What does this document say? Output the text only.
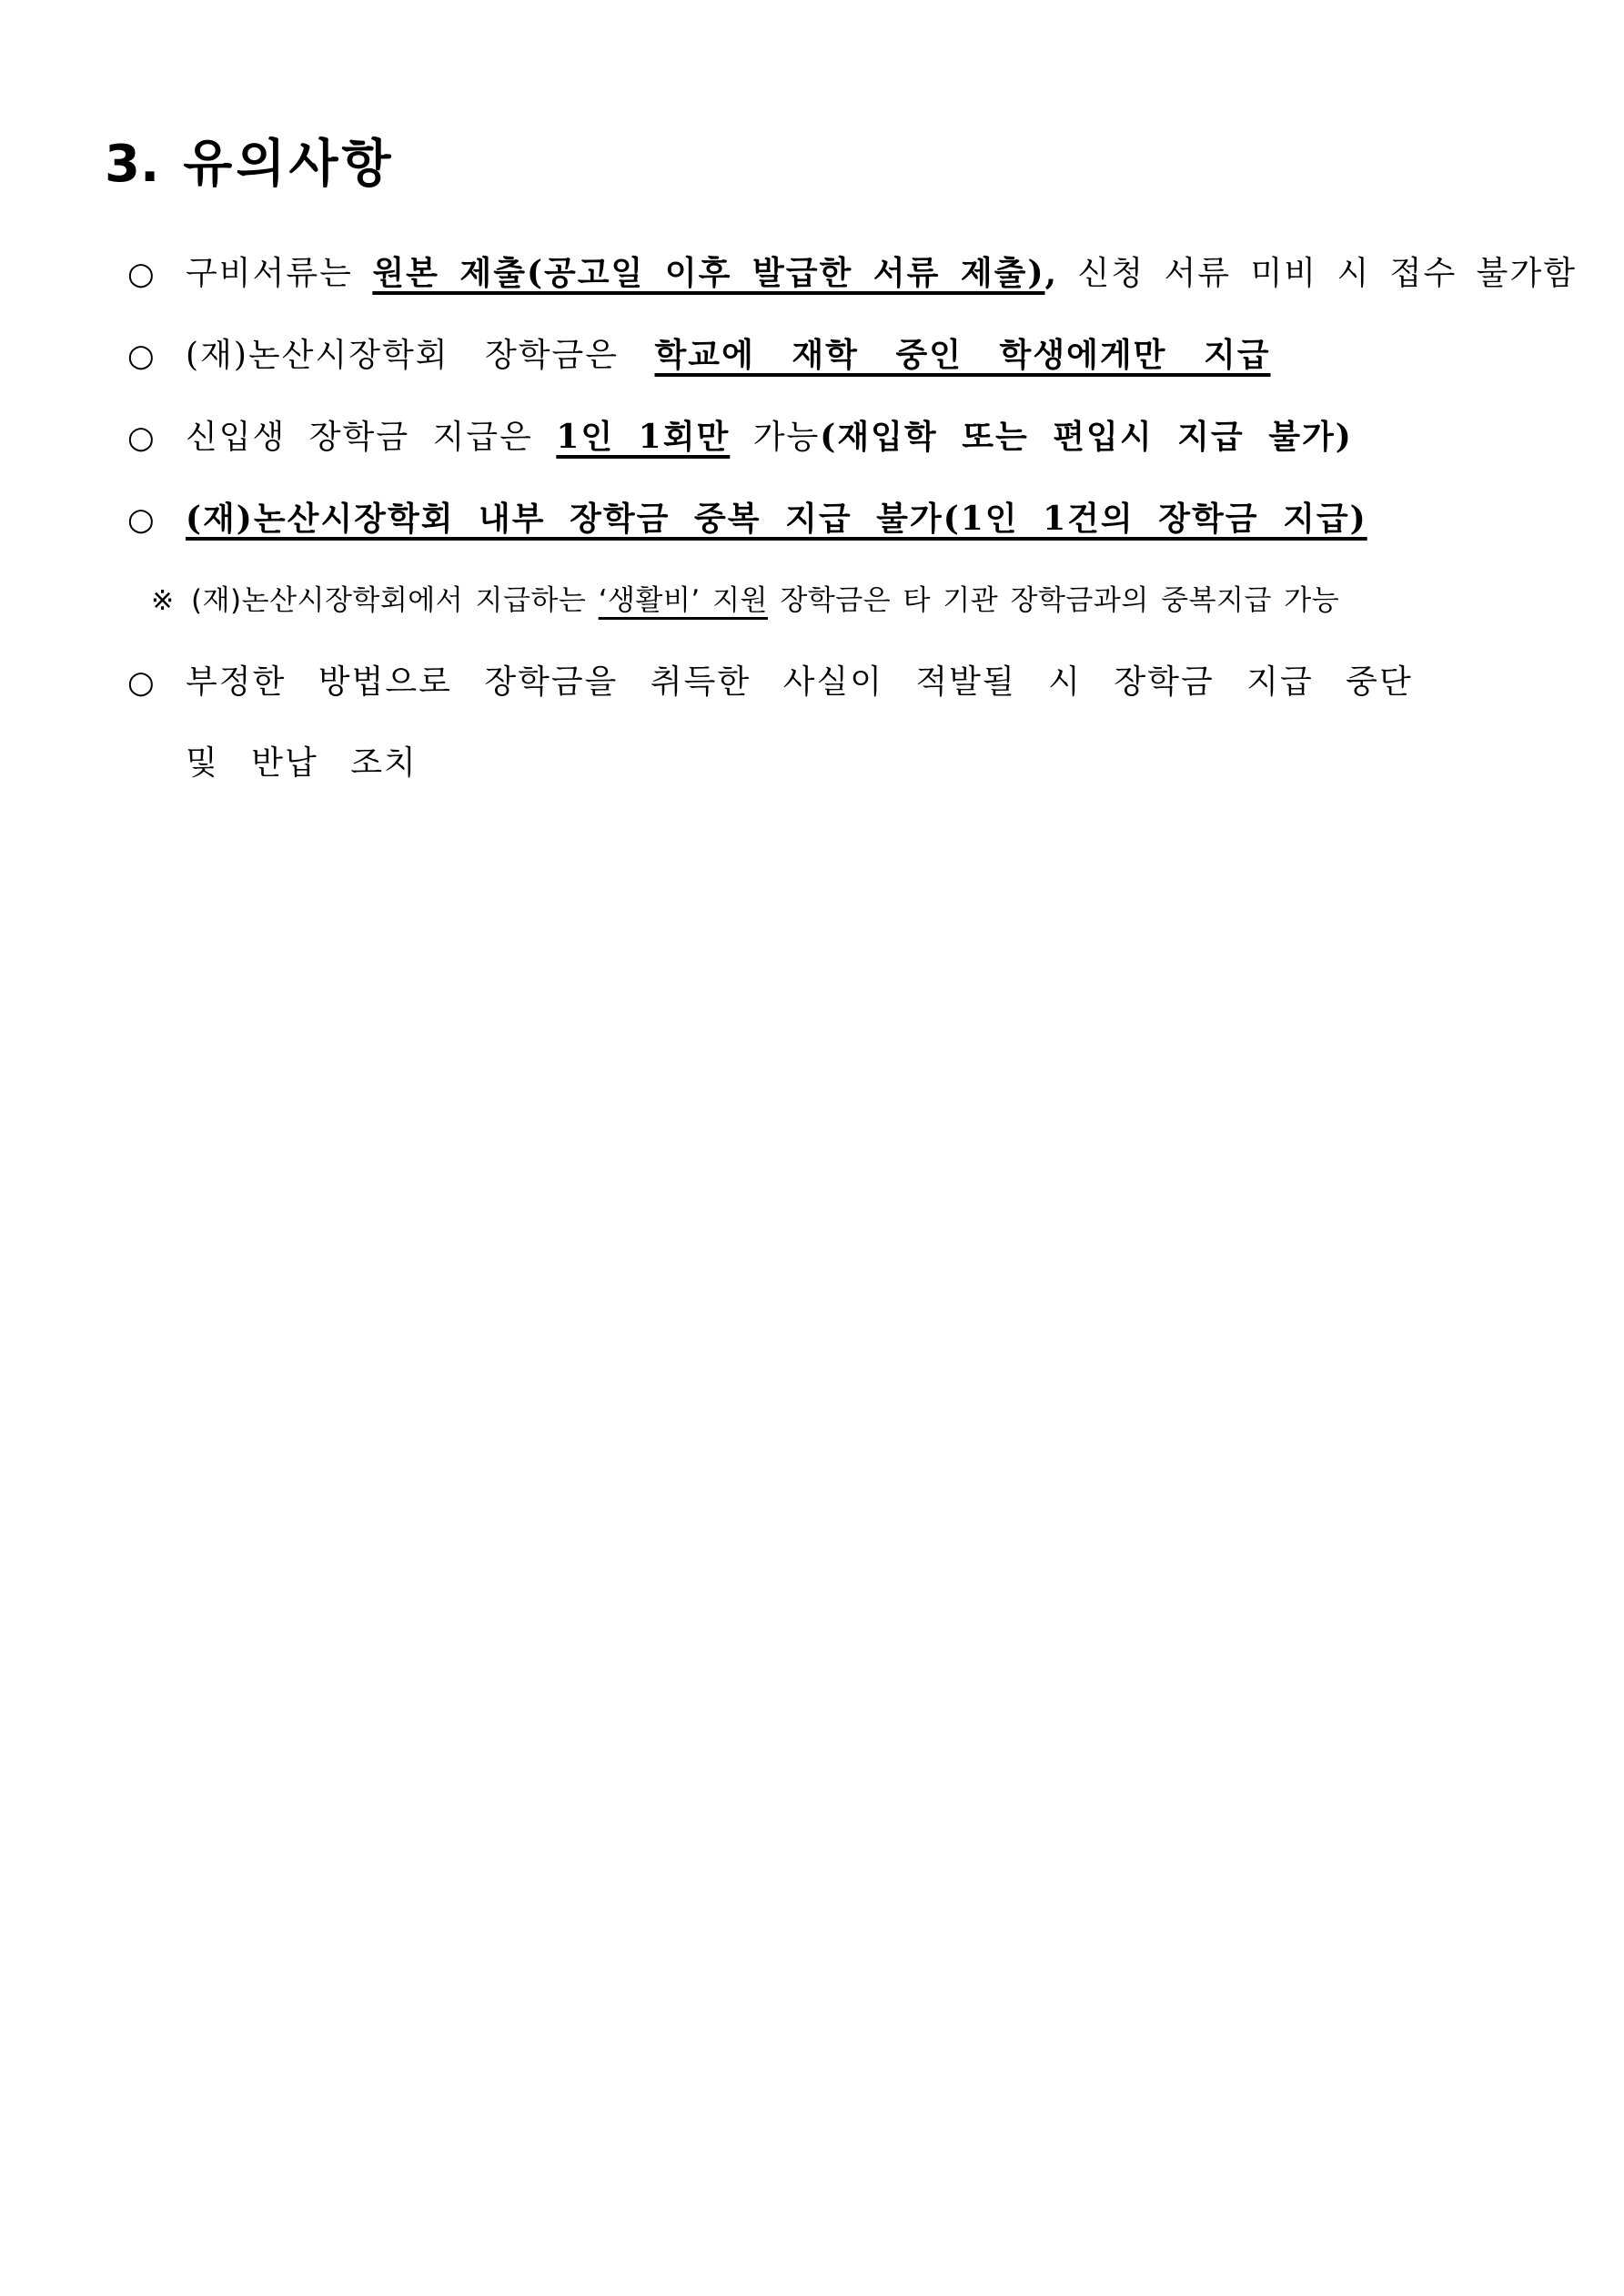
3. 유의사항
○ 구비서류는 원본 제출(공고일 이후 발급한 서류 제출), 신청 서류 미비 시 접수 불가함
○ (재)논산시장학회 장학금은 학교에 재학 중인 학생에게만 지급
○ 신입생 장학금 지급은 1인 1회만 가능(재입학 또는 편입시 지급 불가)
○ (재)논산시장학회 내부 장학금 중복 지급 불가(1인 1건의 장학금 지급)
※ (재)논산시장학회에서 지급하는 ‘생활비’ 지원 장학금은 타 기관 장학금과의 중복지급 가능
○ 부정한 방법으로 장학금을 취득한 사실이 적발될 시 장학금 지급 중단
및 반납 조치
